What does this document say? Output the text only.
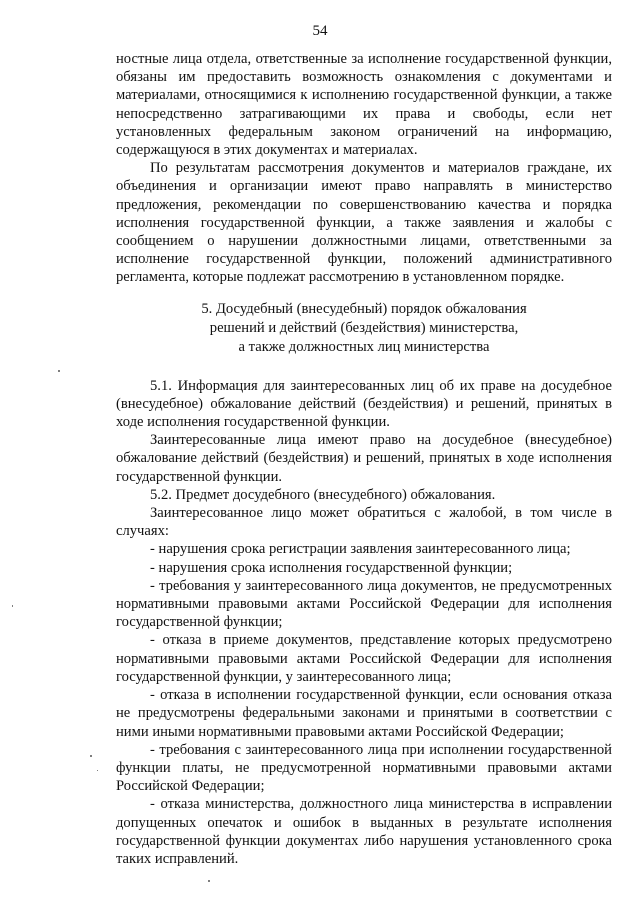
54

ностные лица отдела, ответственные за исполнение государственной функции, обязаны им предоставить возможность ознакомления с документами и материалами, относящимися к исполнению государственной функции, а также непосредственно затрагивающими их права и свободы, если нет установленных федеральным законом ограничений на информацию, содержащуюся в этих документах и материалах.

По результатам рассмотрения документов и материалов граждане, их объединения и организации имеют право направлять в министерство предложения, рекомендации по совершенствованию качества и порядка исполнения государственной функции, а также заявления и жалобы с сообщением о нарушении должностными лицами, ответственными за исполнение государственной функции, положений административного регламента, которые подлежат рассмотрению в установленном порядке.

5. Досудебный (внесудебный) порядок обжалования
решений и действий (бездействия) министерства,
а также должностных лиц министерства

5.1. Информация для заинтересованных лиц об их праве на досудебное (внесудебное) обжалование действий (бездействия) и решений, принятых в ходе исполнения государственной функции.

Заинтересованные лица имеют право на досудебное (внесудебное) обжалование действий (бездействия) и решений, принятых в ходе исполнения государственной функции.

5.2. Предмет досудебного (внесудебного) обжалования.

Заинтересованное лицо может обратиться с жалобой, в том числе в случаях:

- нарушения срока регистрации заявления заинтересованного лица;

- нарушения срока исполнения государственной функции;

- требования у заинтересованного лица документов, не предусмотренных нормативными правовыми актами Российской Федерации для исполнения государственной функции;

- отказа в приеме документов, представление которых предусмотрено нормативными правовыми актами Российской Федерации для исполнения государственной функции, у заинтересованного лица;

- отказа в исполнении государственной функции, если основания отказа не предусмотрены федеральными законами и принятыми в соответствии с ними иными нормативными правовыми актами Российской Федерации;

- требования с заинтересованного лица при исполнении государственной функции платы, не предусмотренной нормативными правовыми актами Российской Федерации;

- отказа министерства, должностного лица министерства в исправлении допущенных опечаток и ошибок в выданных в результате исполнения государственной функции документах либо нарушения установленного срока таких исправлений.
